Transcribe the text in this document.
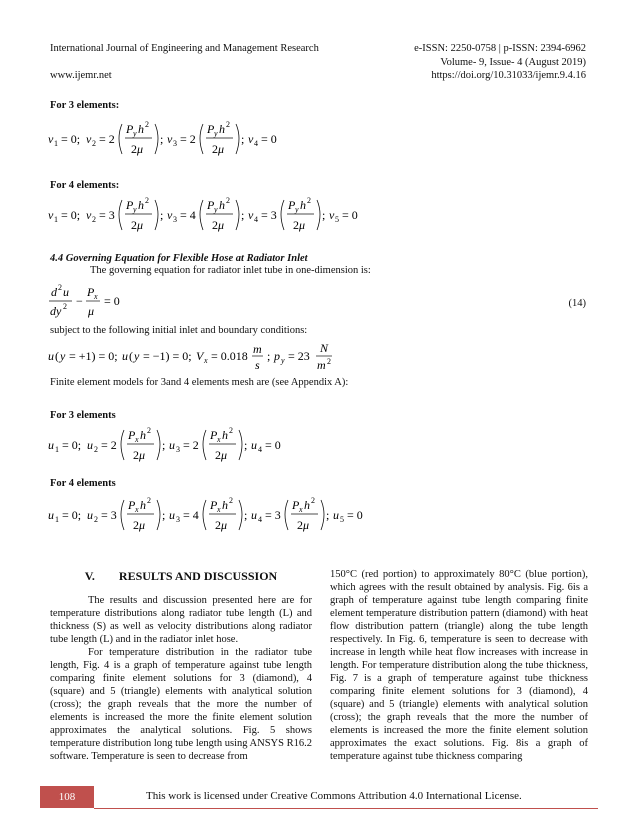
International Journal of Engineering and Management Research	e-ISSN: 2250-0758 | p-ISSN: 2394-6962
Volume- 9, Issue- 4 (August 2019)
www.ijemr.net	https://doi.org/10.31033/ijemr.9.4.16
For 3 elements:
v 1 = 0; v 2 = 2
P y h 2
2 μ
; v 3 = 2
P y h 2
2 μ
; v 4 = 0
For 4 elements:
v 1 = 0; v 2 = 3
P y h 2
2 μ
; v 3 = 4
P y h 2
2 μ
; v 4 = 3
P y h 2
2 μ
; v 5 = 0
4.4 Governing Equation for Flexible Hose at Radiator Inlet
The governing equation for radiator inlet tube in one-dimension is:
d 2 u
dy 2 −
P x
μ
= 0	(14)
subject to the following initial inlet and boundary conditions:
u ( y = +1) = 0; u ( y = −1) = 0; V x = 0.018 m
s
; p y = 23
N
m 2
Finite element models for 3and 4 elements mesh are (see Appendix A):
For 3 elements
u 1 = 0; u 2 = 2
P x h 2
2 μ
; u 3 = 2
P x h 2
2 μ
; u 4 = 0
For 4 elements
u 1 = 0; u 2 = 3
P x h 2
2 μ
; u 3 = 4
P x h 2
2 μ
; u 4 = 3
P x h 2
2 μ
; u 5 = 0
V.        RESULTS AND DISCUSSION
The results and discussion presented here are for temperature distributions along radiator tube length (L) and thickness (S) as well as velocity distributions along radiator tube length (L) and in the radiator inlet hose.
For temperature distribution in the radiator tube length, Fig. 4 is a graph of temperature against tube length comparing finite element solutions for 3 (diamond), 4 (square) and 5 (triangle) elements with analytical solution (cross); the graph reveals that the more the number of elements is increased the more the finite element solution approximates the analytical solutions. Fig. 5 shows temperature distribution long tube length using ANSYS R16.2 software. Temperature is seen to decrease from
150°C (red portion) to approximately 80°C (blue portion), which agrees with the result obtained by analysis. Fig. 6is a graph of temperature against tube length comparing finite element temperature distribution pattern (diamond) with heat flow distribution pattern (triangle) along the tube length respectively. In Fig. 6, temperature is seen to decrease with increase in length while heat flow increases with increase in length. For temperature distribution along the tube thickness, Fig. 7 is a graph of temperature against tube thickness comparing finite element solutions for 3 (diamond), 4 (square) and 5 (triangle) elements with analytical solution (cross); the graph reveals that the more the number of elements is increased the more the finite element solution approximates the exact solutions. Fig. 8is a graph of temperature against tube thickness comparing
108	This work is licensed under Creative Commons Attribution 4.0 International License.
